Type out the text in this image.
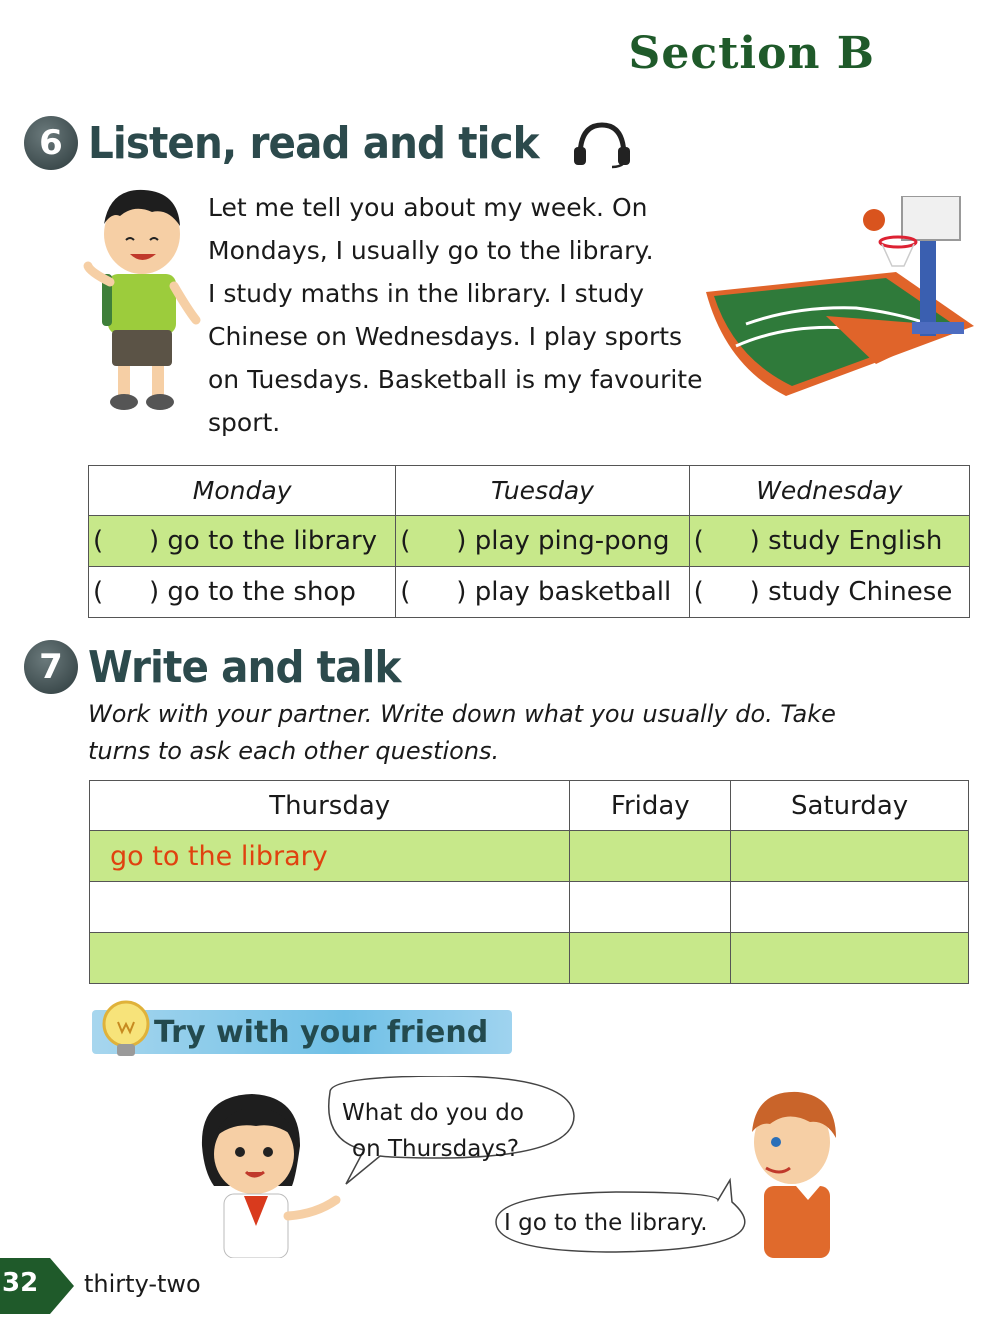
Section B
6 Listen, read and tick
Let me tell you about my week. On
Mondays, I usually go to the library.
I study maths in the library. I study
Chinese on Wednesdays. I play sports
on Tuesdays. Basketball is my favourite
sport.
Monday	Tuesday	Wednesday
( ) go to the library	( ) play ping-pong	( ) study English
( ) go to the shop	( ) play basketball	( ) study Chinese
7 Write and talk
Work with your partner. Write down what you usually do. Take
turns to ask each other questions.
Thursday	Friday	Saturday
go to the library		

Try with your friend
What do you do
on Thursdays?
I go to the library.
32	thirty-two
